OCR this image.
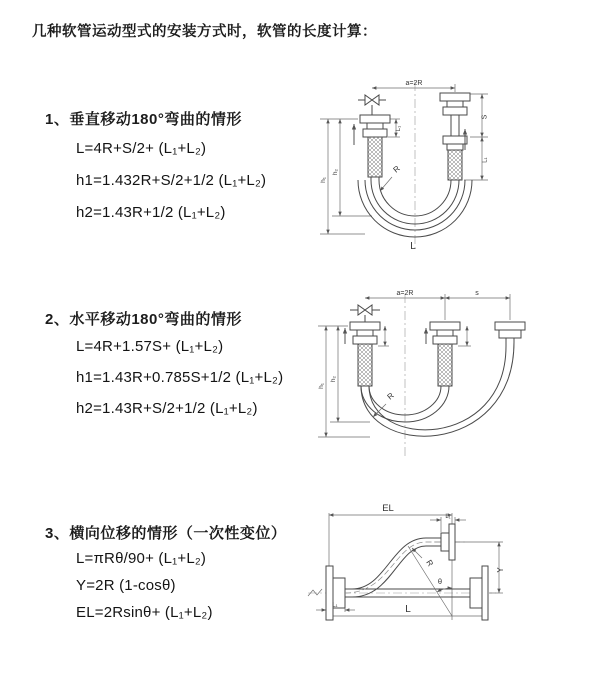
几种软管运动型式的安装方式时，软管的长度计算：
1、垂直移动180°弯曲的情形
L=4R+S/2+ (L₁+L₂)
h1=1.432R+S/2+1/2 (L₁+L₂)
h2=1.43R+1/2 (L₁+L₂)
2、水平移动180°弯曲的情形
L=4R+1.57S+ (L₁+L₂)
h1=1.43R+0.785S+1/2 (L₁+L₂)
h2=1.43R+S/2+1/2 (L₁+L₂)
3、横向位移的情形（一次性变位）
L=πRθ/90+ (L₁+L₂)
Y=2R (1-cosθ)
EL=2Rsinθ+ (L₁+L₂)
a=2R
S
L₁
L₁
h₁
h₂	R
L
a=2R	s
h₁
h₂
R
EL
L₁
Y
L
L₁
R
θ
